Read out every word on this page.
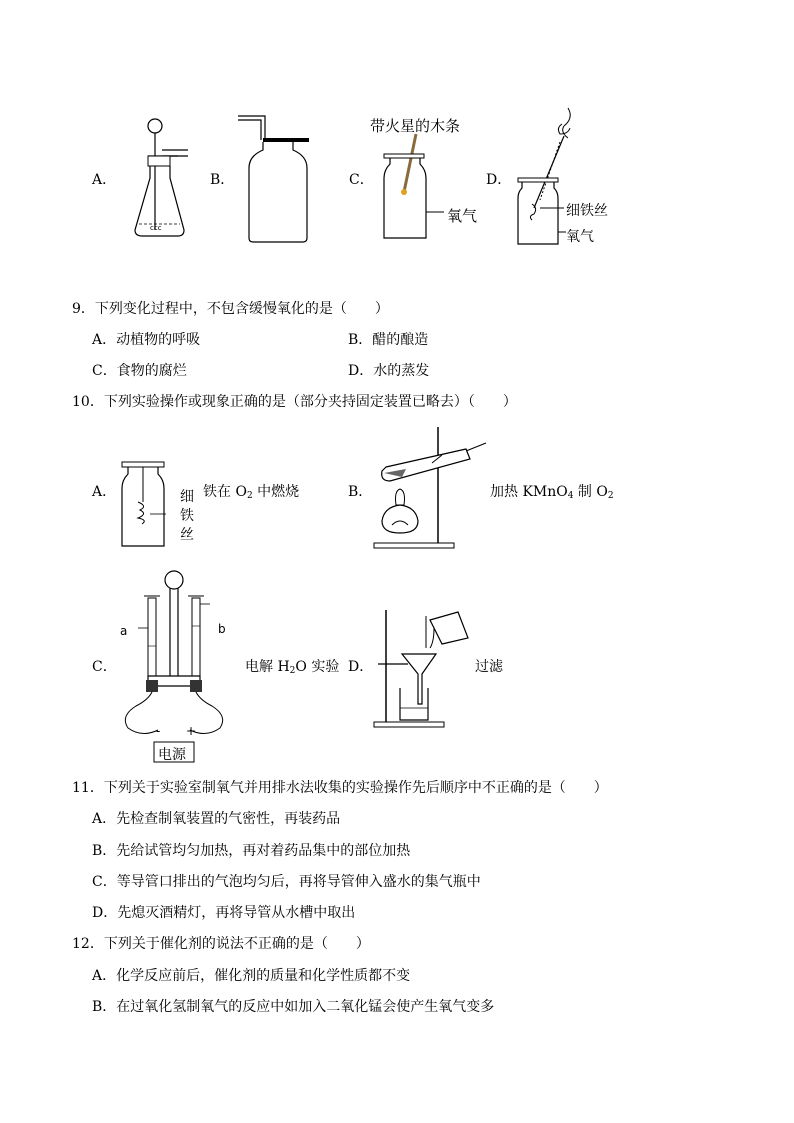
A．	B．	C．	D．
ccc
带火星的木条
氧气	细铁丝
氧气
9．下列变化过程中，不包含缓慢氧化的是（　　）
A．动植物的呼吸	B．醋的酿造
C．食物的腐烂	D．水的蒸发
10．下列实验操作或现象正确的是（部分夹持固定装置已略去）（　　）
A．	细
铁
丝
铁在 $O_2$ 中燃烧	B．	加热 KMnO$_4$ 制 $O_2$
C．
a	b
- +
电源
电解 $H_2O$ 实验 D．	过滤
11．下列关于实验室制氧气并用排水法收集的实验操作先后顺序中不正确的是（　　）
A．先检查制氧装置的气密性，再装药品
B．先给试管均匀加热，再对着药品集中的部位加热
C．等导管口排出的气泡均匀后，再将导管伸入盛水的集气瓶中
D．先熄灭酒精灯，再将导管从水槽中取出
12．下列关于催化剂的说法不正确的是（　　）
A．化学反应前后，催化剂的质量和化学性质都不变
B．在过氧化氢制氧气的反应中如加入二氧化锰会使产生氧气变多
